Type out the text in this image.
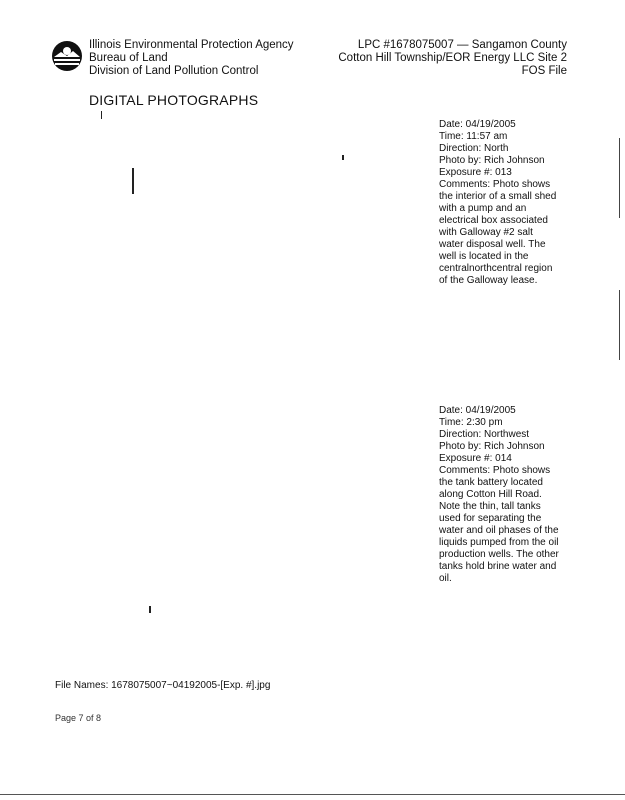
Illinois Environmental Protection Agency
Bureau of Land
Division of Land Pollution Control
LPC #1678075007 — Sangamon County
Cotton Hill Township/EOR Energy LLC Site 2
FOS File
DIGITAL PHOTOGRAPHS
Date: 04/19/2005
Time: 11:57 am
Direction: North
Photo by: Rich Johnson
Exposure #: 013
Comments: Photo shows the interior of a small shed with a pump and an electrical box associated with Galloway #2 salt water disposal well. The well is located in the centralnorthcentral region of the Galloway lease.
Date: 04/19/2005
Time: 2:30 pm
Direction: Northwest
Photo by: Rich Johnson
Exposure #: 014
Comments: Photo shows the tank battery located along Cotton Hill Road. Note the thin, tall tanks used for separating the water and oil phases of the liquids pumped from the oil production wells. The other tanks hold brine water and oil.
File Names: 1678075007~04192005-[Exp. #].jpg
Page 7 of 8
